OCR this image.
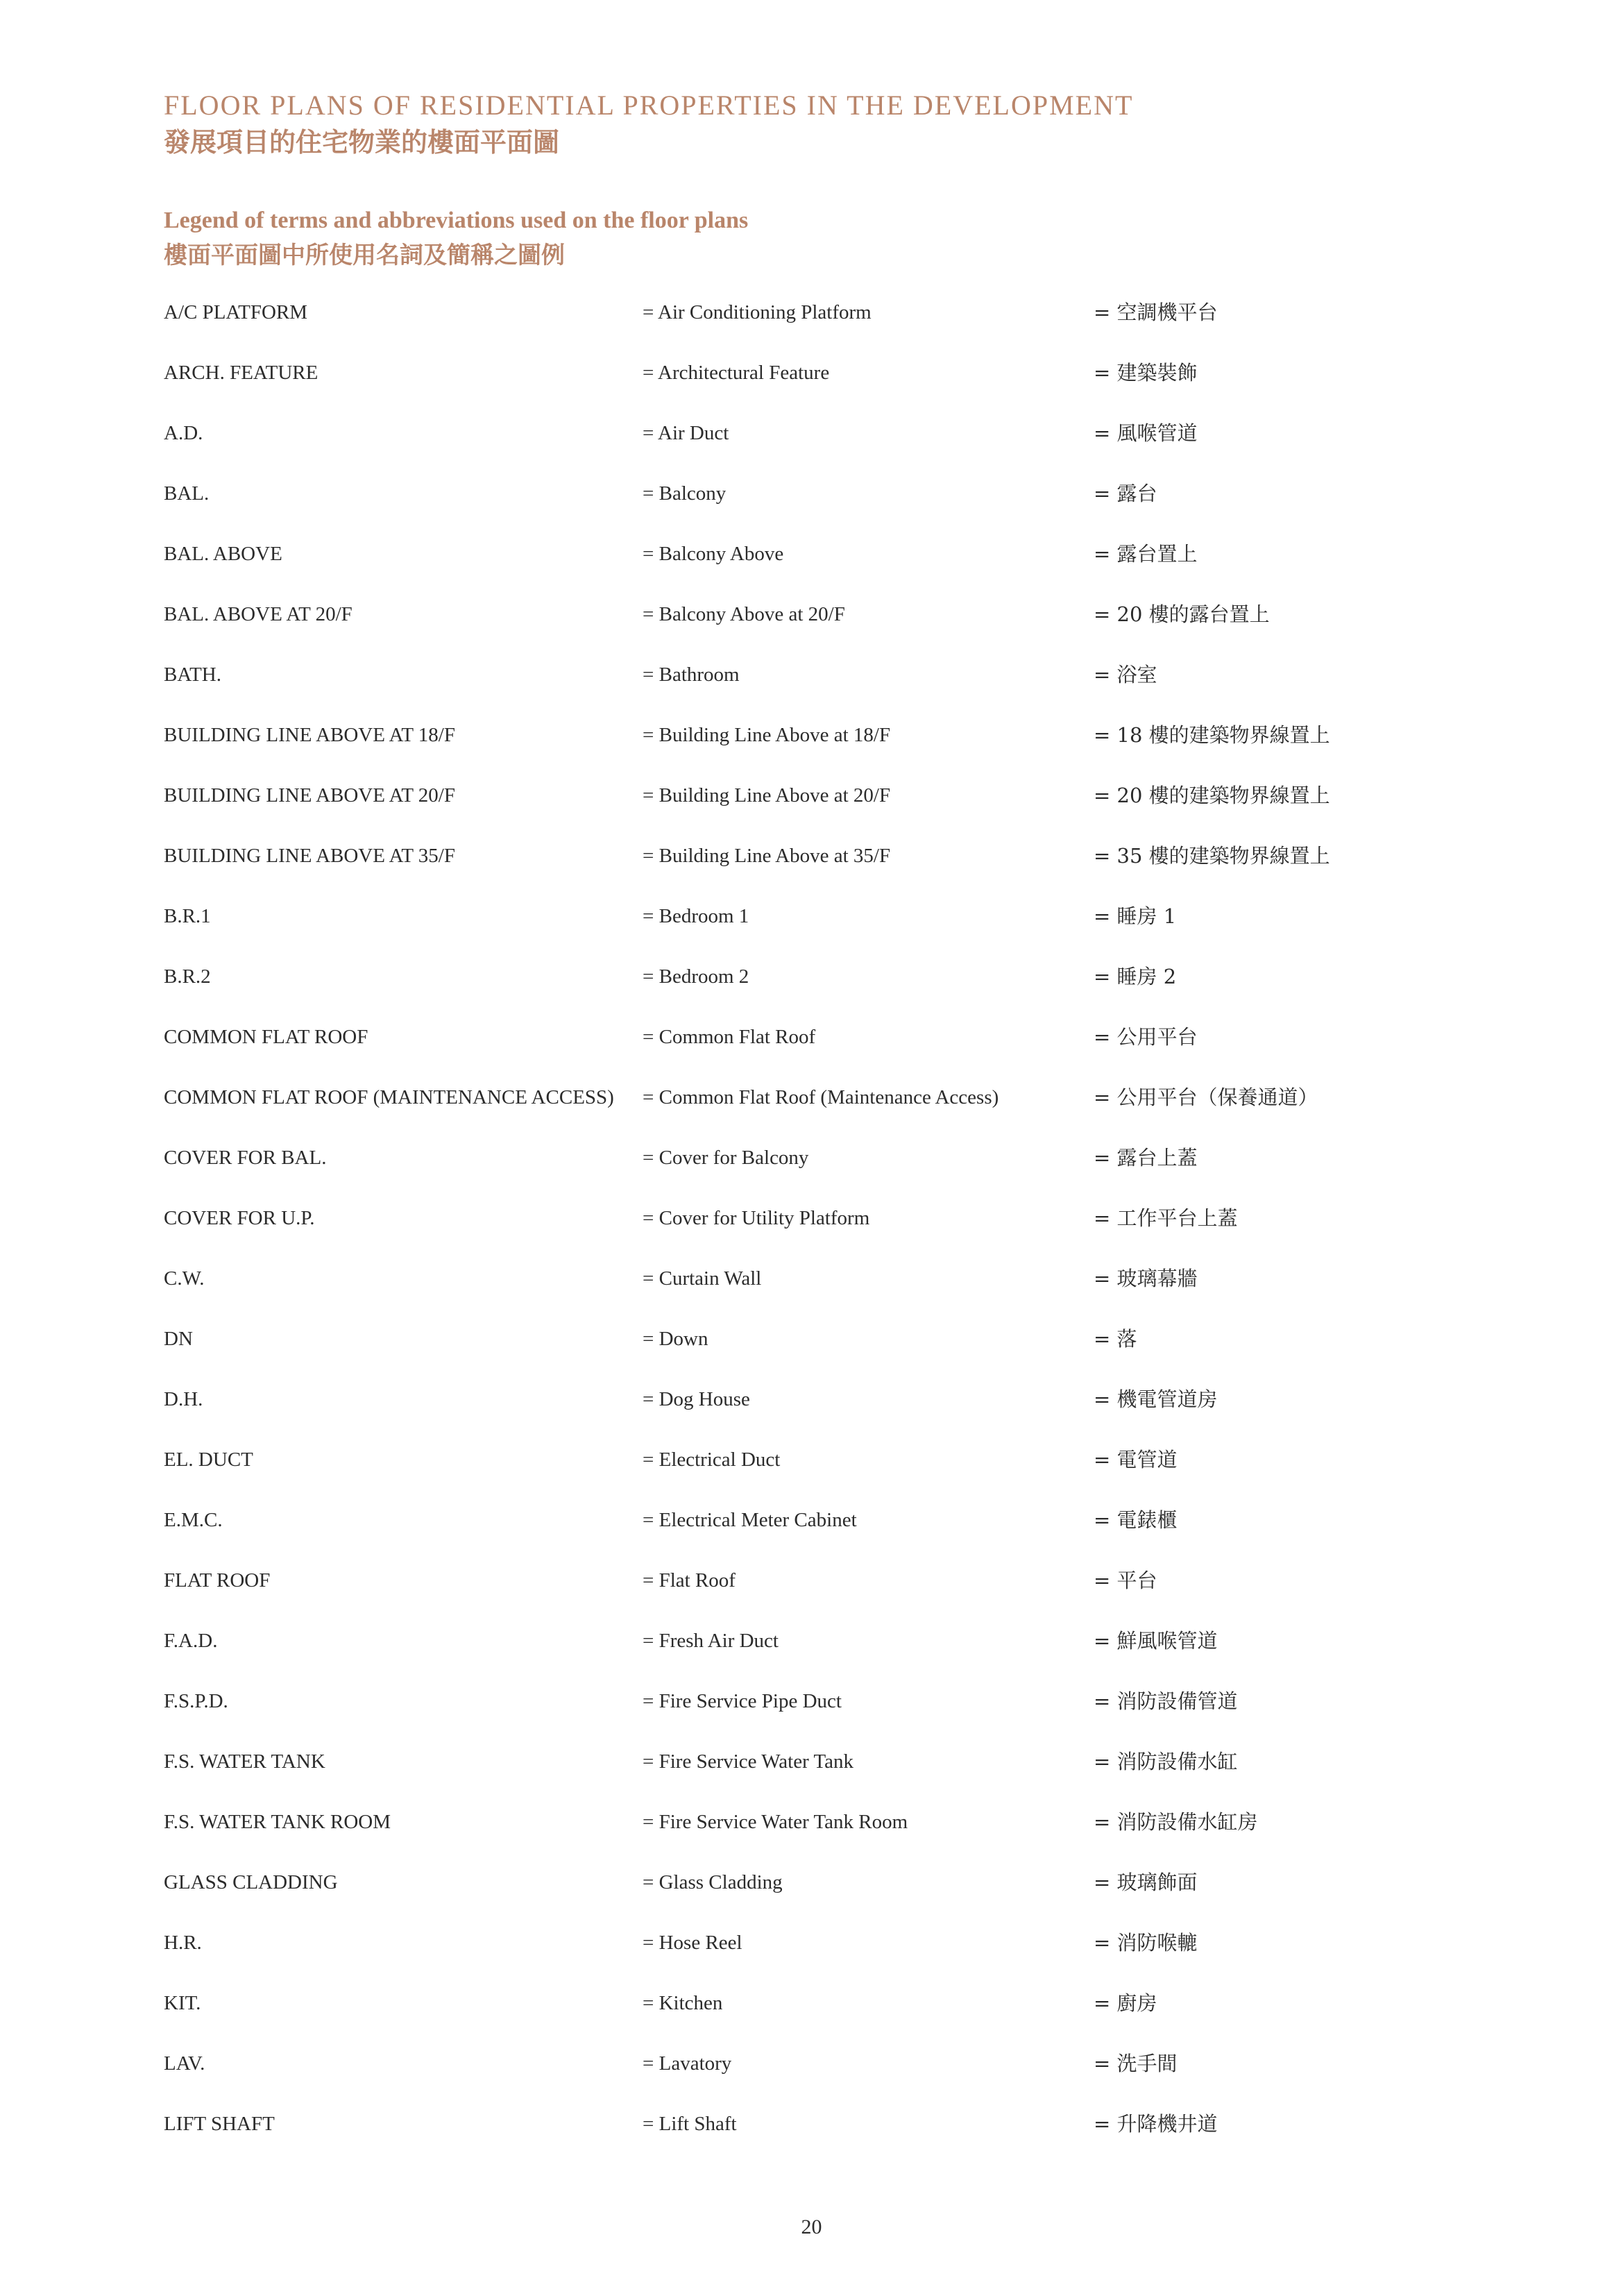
FLOOR PLANS OF RESIDENTIAL PROPERTIES IN THE DEVELOPMENT
發展項目的住宅物業的樓面平面圖
Legend of terms and abbreviations used on the floor plans
樓面平面圖中所使用名詞及簡稱之圖例
A/C PLATFORM	= Air Conditioning Platform	= 空調機平台
ARCH. FEATURE	= Architectural Feature	= 建築裝飾
A.D.	= Air Duct	= 風喉管道
BAL.	= Balcony	= 露台
BAL. ABOVE	= Balcony Above	= 露台置上
BAL. ABOVE AT 20/F	= Balcony Above at 20/F	= 20 樓的露台置上
BATH.	= Bathroom	= 浴室
BUILDING LINE ABOVE AT 18/F	= Building Line Above at 18/F	= 18 樓的建築物界線置上
BUILDING LINE ABOVE AT 20/F	= Building Line Above at 20/F	= 20 樓的建築物界線置上
BUILDING LINE ABOVE AT 35/F	= Building Line Above at 35/F	= 35 樓的建築物界線置上
B.R.1	= Bedroom 1	= 睡房 1
B.R.2	= Bedroom 2	= 睡房 2
COMMON FLAT ROOF	= Common Flat Roof	= 公用平台
COMMON FLAT ROOF (MAINTENANCE ACCESS) = Common Flat Roof (Maintenance Access)	= 公用平台（保養通道）
COVER FOR BAL.	= Cover for Balcony	= 露台上蓋
COVER FOR U.P.	= Cover for Utility Platform	= 工作平台上蓋
C.W.	= Curtain Wall	= 玻璃幕牆
DN	= Down	= 落
D.H.	= Dog House	= 機電管道房
EL. DUCT	= Electrical Duct	= 電管道
E.M.C.	= Electrical Meter Cabinet	= 電錶櫃
FLAT ROOF	= Flat Roof	= 平台
F.A.D.	= Fresh Air Duct	= 鮮風喉管道
F.S.P.D.	= Fire Service Pipe Duct	= 消防設備管道
F.S. WATER TANK	= Fire Service Water Tank	= 消防設備水缸
F.S. WATER TANK ROOM	= Fire Service Water Tank Room	= 消防設備水缸房
GLASS CLADDING	= Glass Cladding	= 玻璃飾面
H.R.	= Hose Reel	= 消防喉轆
KIT.	= Kitchen	= 廚房
LAV.	= Lavatory	= 洗手間
LIFT SHAFT	= Lift Shaft	= 升降機井道
20
